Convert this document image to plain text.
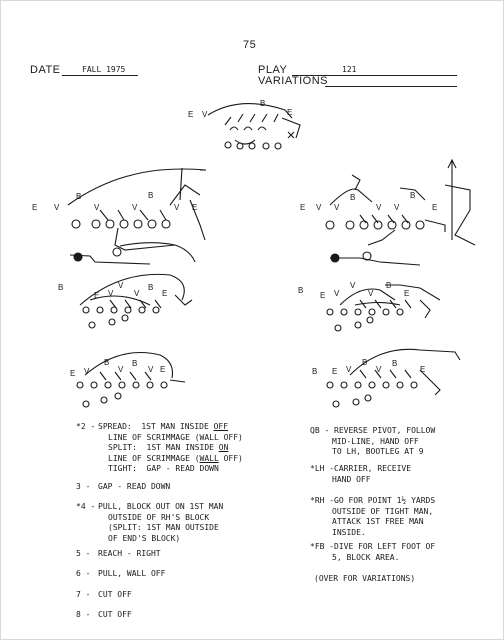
75
DATE	FALL 1975	PLAY	121
VARIATIONS
E V
B
E
E V
B
V
B
V	V E	E V
B
V	V V
B
E
B
E V
V
V
B
E	B
E V
V
V
B
E
E V
B
V
B
V E	B E V
B
V
B
E
(OVER FOR VARIATIONS)
*2 - SPREAD:  1ST MAN INSIDE OFF
LINE OF SCRIMMAGE (WALL OFF)
SPLIT:  1ST MAN INSIDE ON
LINE OF SCRIMMAGE (WALL OFF)
TIGHT:  GAP - READ DOWN
3 - GAP - READ DOWN
*4 - PULL, BLOCK OUT ON 1ST MAN
OUTSIDE OF RH'S BLOCK
(SPLIT: 1ST MAN OUTSIDE
OF END'S BLOCK)
5 - REACH - RIGHT
6 - PULL, WALL OFF
7 - CUT OFF
8 - CUT OFF
QB - REVERSE PIVOT, FOLLOW
MID-LINE, HAND OFF
TO LH, BOOTLEG AT 9
*LH - CARRIER, RECEIVE
HAND OFF
*RH - GO FOR POINT 1½ YARDS
OUTSIDE OF TIGHT MAN,
ATTACK 1ST FREE MAN
INSIDE.
*FB - DIVE FOR LEFT FOOT OF
5, BLOCK AREA.
